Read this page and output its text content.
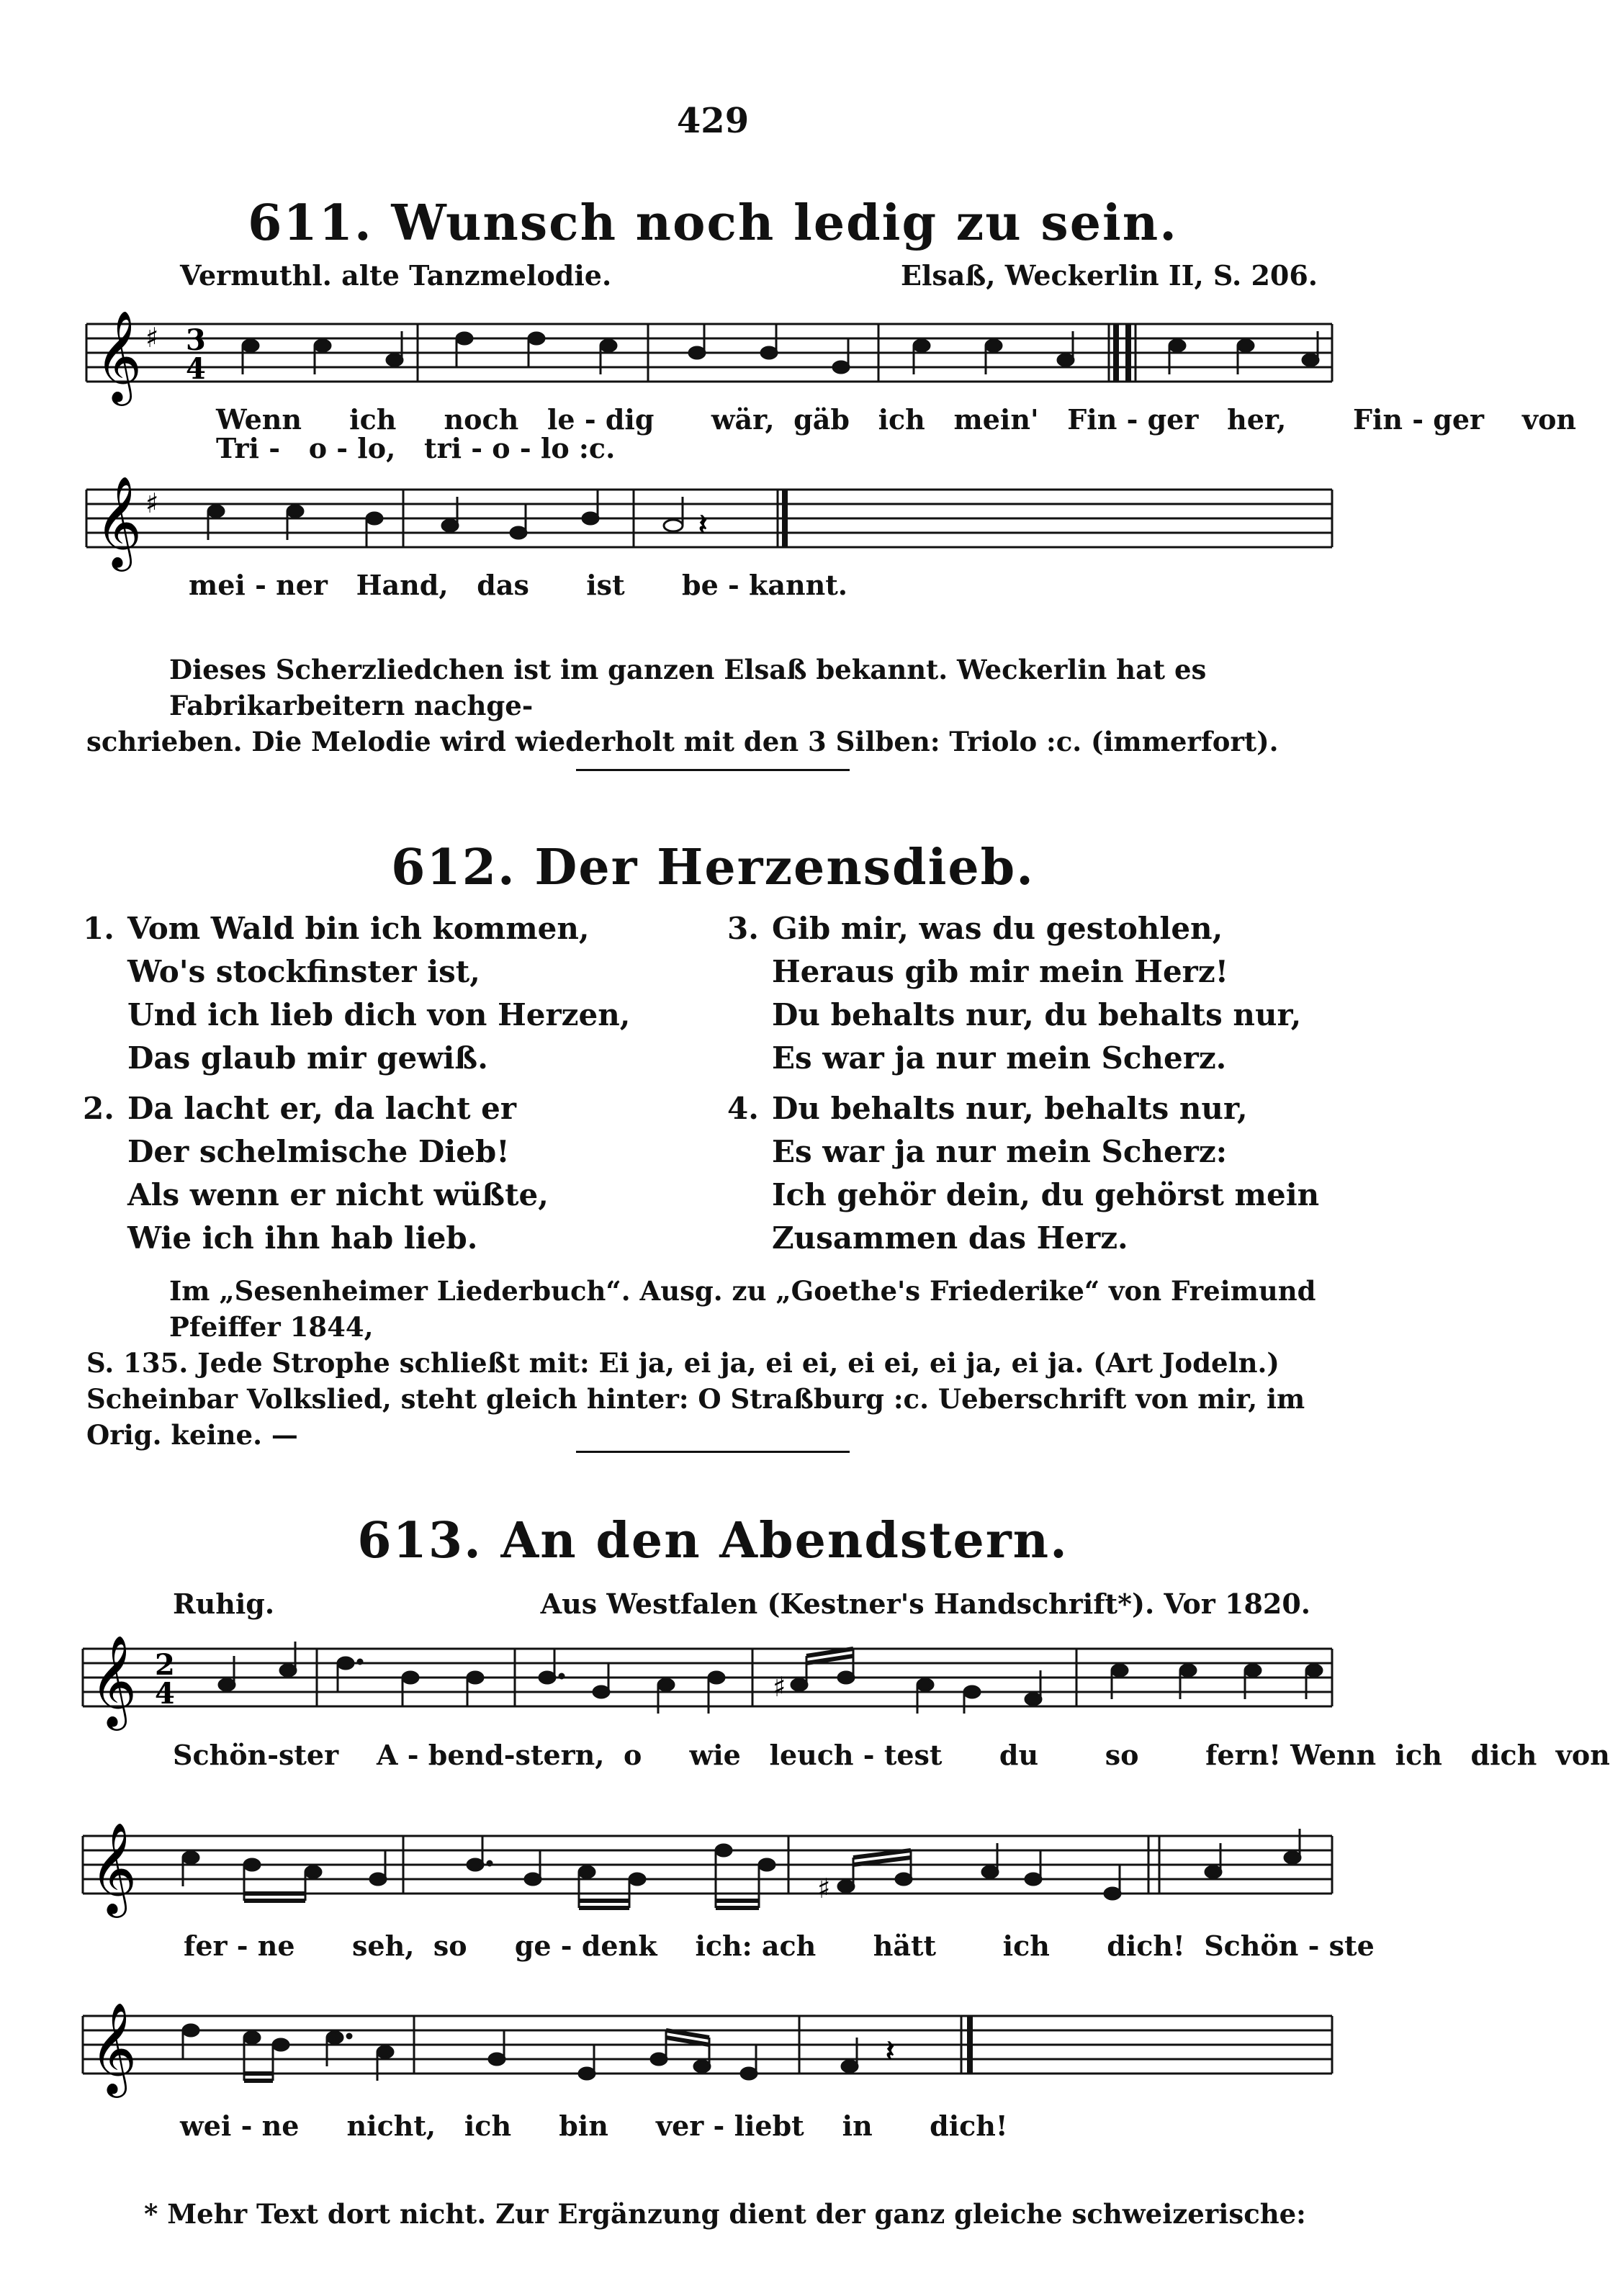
429
611. Wunsch noch ledig zu sein.
Vermuthl. alte Tanzmelodie.	Elsaß, Weckerlin II, S. 206.
𝄞 ♯ 3
4
Wenn ich noch le - dig wär, gäb ich mein' Fin - ger her, Fin - ger von
Tri - o - lo, tri - o - lo ⁠:c.
𝄞 ♯
𝄽
mei - ner Hand, das ist be - kannt.
Dieses Scherzliedchen ist im ganzen Elsaß bekannt. Weckerlin hat es Fabrikarbeitern nachge-
schrieben. Die Melodie wird wiederholt mit den 3 Silben: Triolo ⁠:c. (immerfort).
612. Der Herzensdieb.
1. Vom Wald bin ich kommen,
Wo's stockfinster ist,
Und ich lieb dich von Herzen,
Das glaub mir gewiß.
2. Da lacht er, da lacht er
Der schelmische Dieb!
Als wenn er nicht wüßte,
Wie ich ihn hab lieb.
3. Gib mir, was du gestohlen,
Heraus gib mir mein Herz!
Du behalts nur, du behalts nur,
Es war ja nur mein Scherz.
4. Du behalts nur, behalts nur,
Es war ja nur mein Scherz:
Ich gehör dein, du gehörst mein
Zusammen das Herz.
Im „Sesenheimer Liederbuch“. Ausg. zu „Goethe's Friederike“ von Freimund Pfeiffer 1844,
S. 135. Jede Strophe schließt mit: Ei ja, ei ja, ei ei, ei ei, ei ja, ei ja. (Art Jodeln.)
Scheinbar Volkslied, steht gleich hinter: O Straßburg ⁠:c. Ueberschrift von mir, im Orig. keine. —
613. An den Abendstern.
Ruhig.	Aus Westfalen (Kestner's Handschrift*). Vor 1820.
𝄞 2
4	♯
Schön-ster A - bend-stern, o wie leuch - test du so fern! Wenn ich dich von
𝄞	♯
fer - ne seh, so ge - denk ich: ach hätt ich dich! Schön - ste
𝄞	𝄽
wei - ne nicht, ich bin ver - liebt in dich!
* Mehr Text dort nicht. Zur Ergänzung dient der ganz gleiche schweizerische:
